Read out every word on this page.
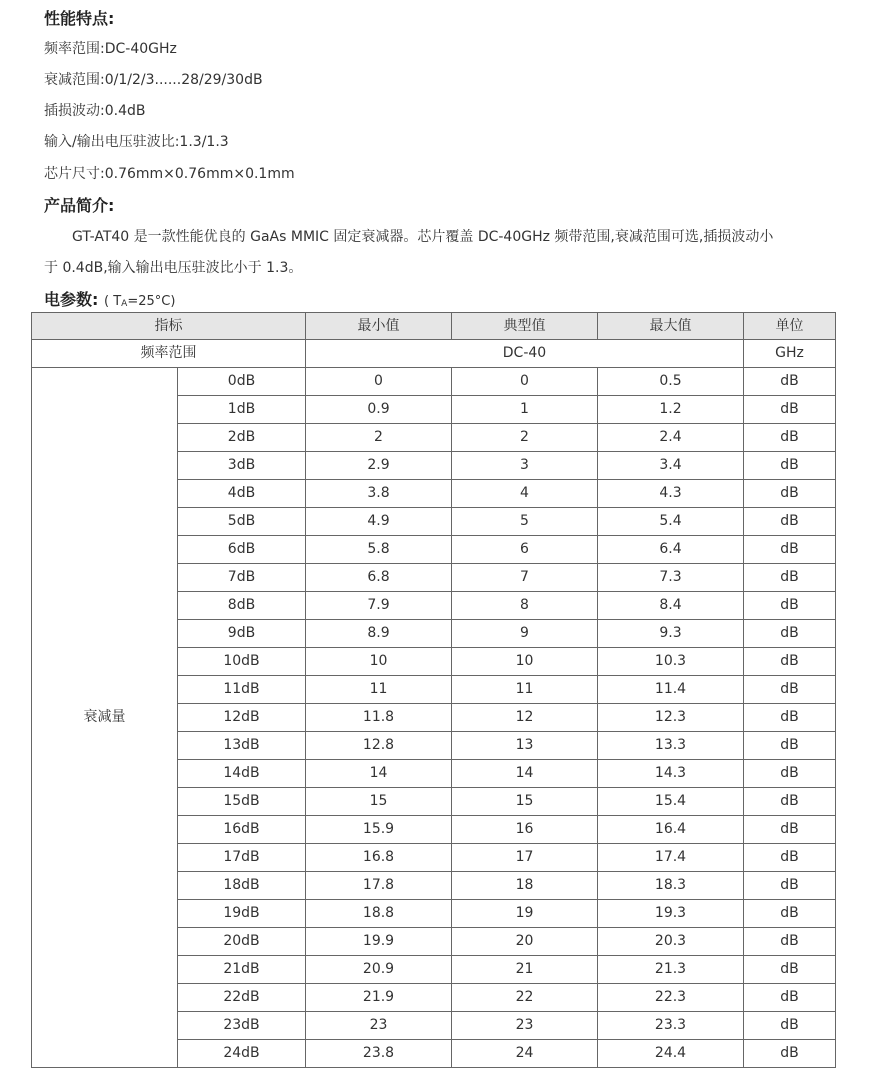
性能特点:
频率范围:DC-40GHz
衰减范围:0/1/2/3......28/29/30dB
插损波动:0.4dB
输入/输出电压驻波比:1.3/1.3
芯片尺寸:0.76mm×0.76mm×0.1mm
产品简介:
GT-AT40 是一款性能优良的 GaAs MMIC 固定衰减器。芯片覆盖 DC-40GHz 频带范围,衰减范围可选,插损波动小
于 0.4dB,输入输出电压驻波比小于 1.3。
电参数: ( $T_A=25^\circ C$)
指标		最小值	典型值	最大值	单位
频率范围		DC-40			GHz
衰减量	0dB	0	0	0.5	dB
	1dB	0.9	1	1.2	dB
	2dB	2	2	2.4	dB
	3dB	2.9	3	3.4	dB
	4dB	3.8	4	4.3	dB
	5dB	4.9	5	5.4	dB
	6dB	5.8	6	6.4	dB
	7dB	6.8	7	7.3	dB
	8dB	7.9	8	8.4	dB
	9dB	8.9	9	9.3	dB
	10dB	10	10	10.3	dB
	11dB	11	11	11.4	dB
	12dB	11.8	12	12.3	dB
	13dB	12.8	13	13.3	dB
	14dB	14	14	14.3	dB
	15dB	15	15	15.4	dB
	16dB	15.9	16	16.4	dB
	17dB	16.8	17	17.4	dB
	18dB	17.8	18	18.3	dB
	19dB	18.8	19	19.3	dB
	20dB	19.9	20	20.3	dB
	21dB	20.9	21	21.3	dB
	22dB	21.9	22	22.3	dB
	23dB	23	23	23.3	dB
	24dB	23.8	24	24.4	dB
